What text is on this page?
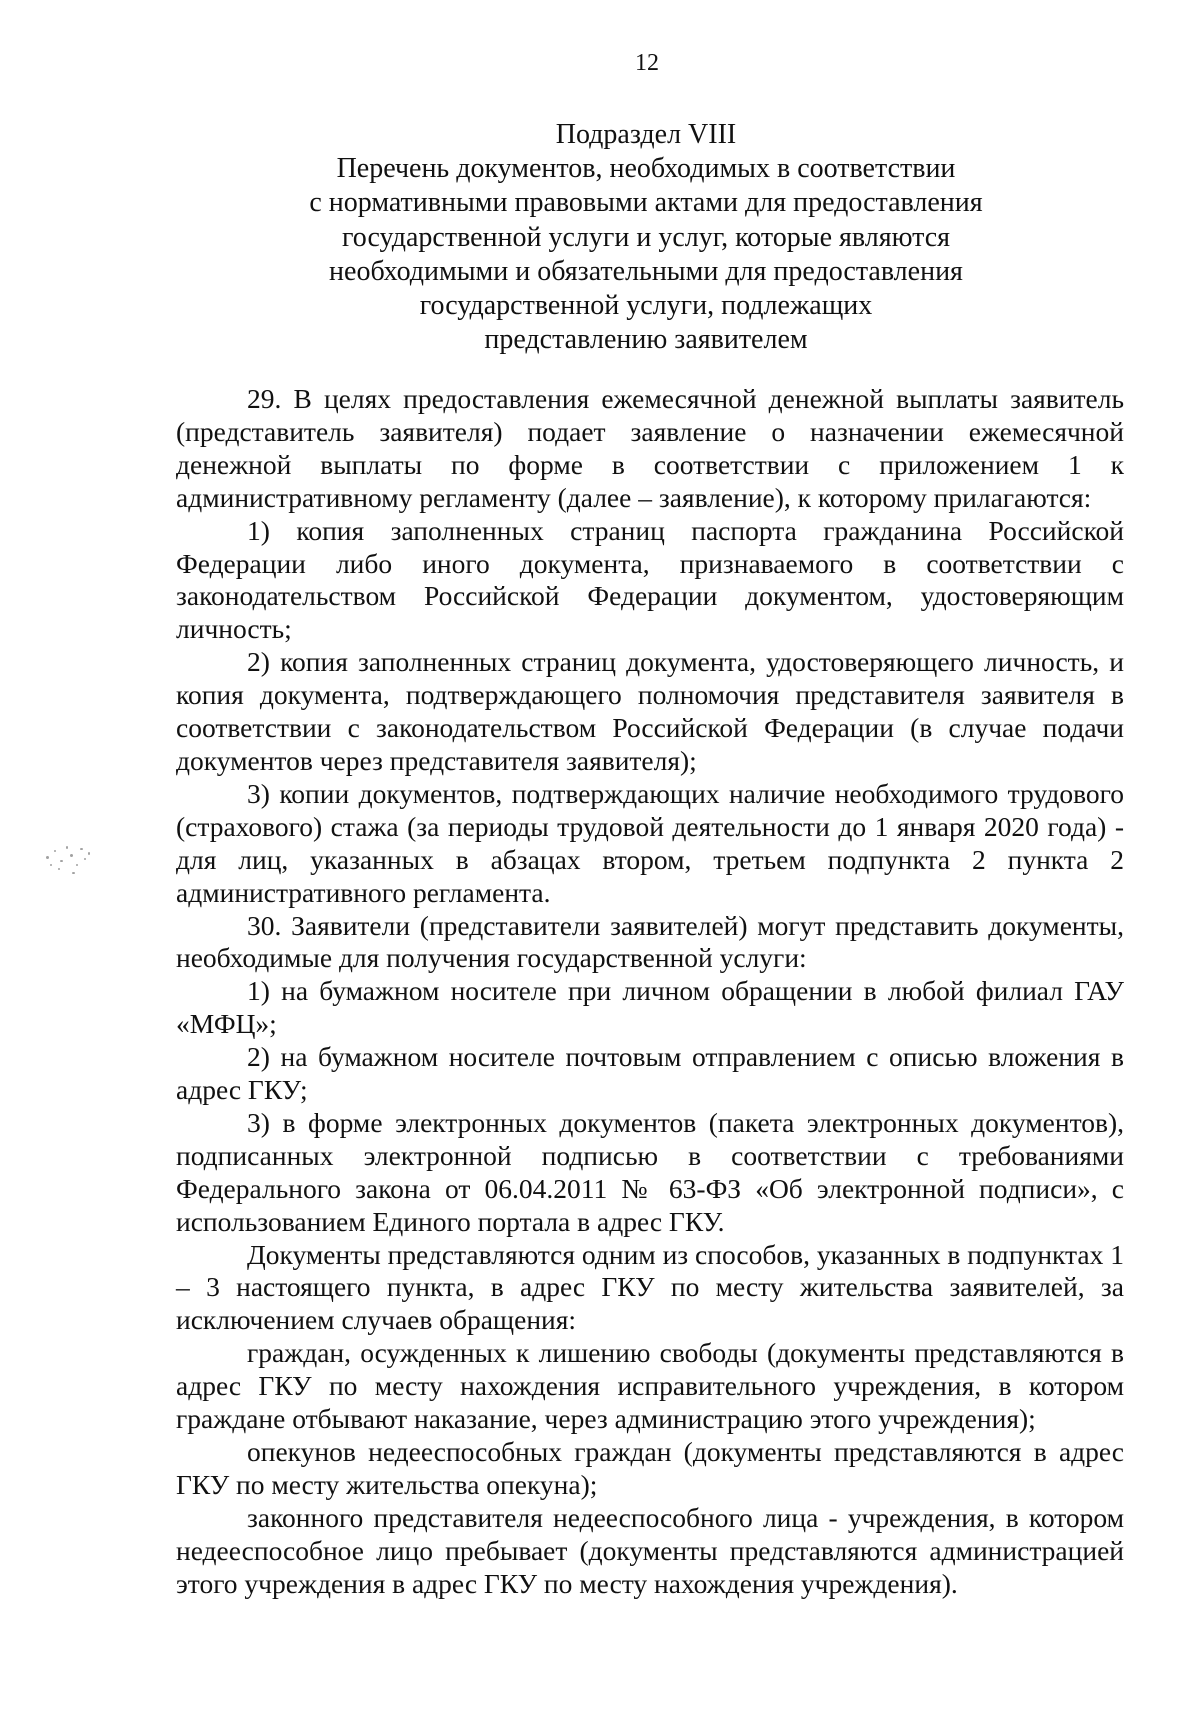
12
Подраздел VIII
Перечень документов, необходимых в соответствии
с нормативными правовыми актами для предоставления
государственной услуги и услуг, которые являются
необходимыми и обязательными для предоставления
государственной услуги, подлежащих
представлению заявителем

29. В целях предоставления ежемесячной денежной выплаты заявитель (представитель заявителя) подает заявление о назначении ежемесячной денежной выплаты по форме в соответствии с приложением 1 к административному регламенту (далее – заявление), к которому прилагаются:

1) копия заполненных страниц паспорта гражданина Российской Федерации либо иного документа, признаваемого в соответствии с законодательством Российской Федерации документом, удостоверяющим личность;

2) копия заполненных страниц документа, удостоверяющего личность, и копия документа, подтверждающего полномочия представителя заявителя в соответствии с законодательством Российской Федерации (в случае подачи документов через представителя заявителя);

3) копии документов, подтверждающих наличие необходимого трудового (страхового) стажа (за периоды трудовой деятельности до 1 января 2020 года) - для лиц, указанных в абзацах втором, третьем подпункта 2 пункта 2 административного регламента.

30. Заявители (представители заявителей) могут представить документы, необходимые для получения государственной услуги:

1) на бумажном носителе при личном обращении в любой филиал ГАУ «МФЦ»;

2) на бумажном носителе почтовым отправлением с описью вложения в адрес ГКУ;

3) в форме электронных документов (пакета электронных документов), подписанных электронной подписью в соответствии с требованиями Федерального закона от 06.04.2011 № 63-ФЗ «Об электронной подписи», с использованием Единого портала в адрес ГКУ.

Документы представляются одним из способов, указанных в подпунктах 1 – 3 настоящего пункта, в адрес ГКУ по месту жительства заявителей, за исключением случаев обращения:

граждан, осужденных к лишению свободы (документы представляются в адрес ГКУ по месту нахождения исправительного учреждения, в котором граждане отбывают наказание, через администрацию этого учреждения);

опекунов недееспособных граждан (документы представляются в адрес ГКУ по месту жительства опекуна);

законного представителя недееспособного лица - учреждения, в котором недееспособное лицо пребывает (документы представляются администрацией этого учреждения в адрес ГКУ по месту нахождения учреждения).
